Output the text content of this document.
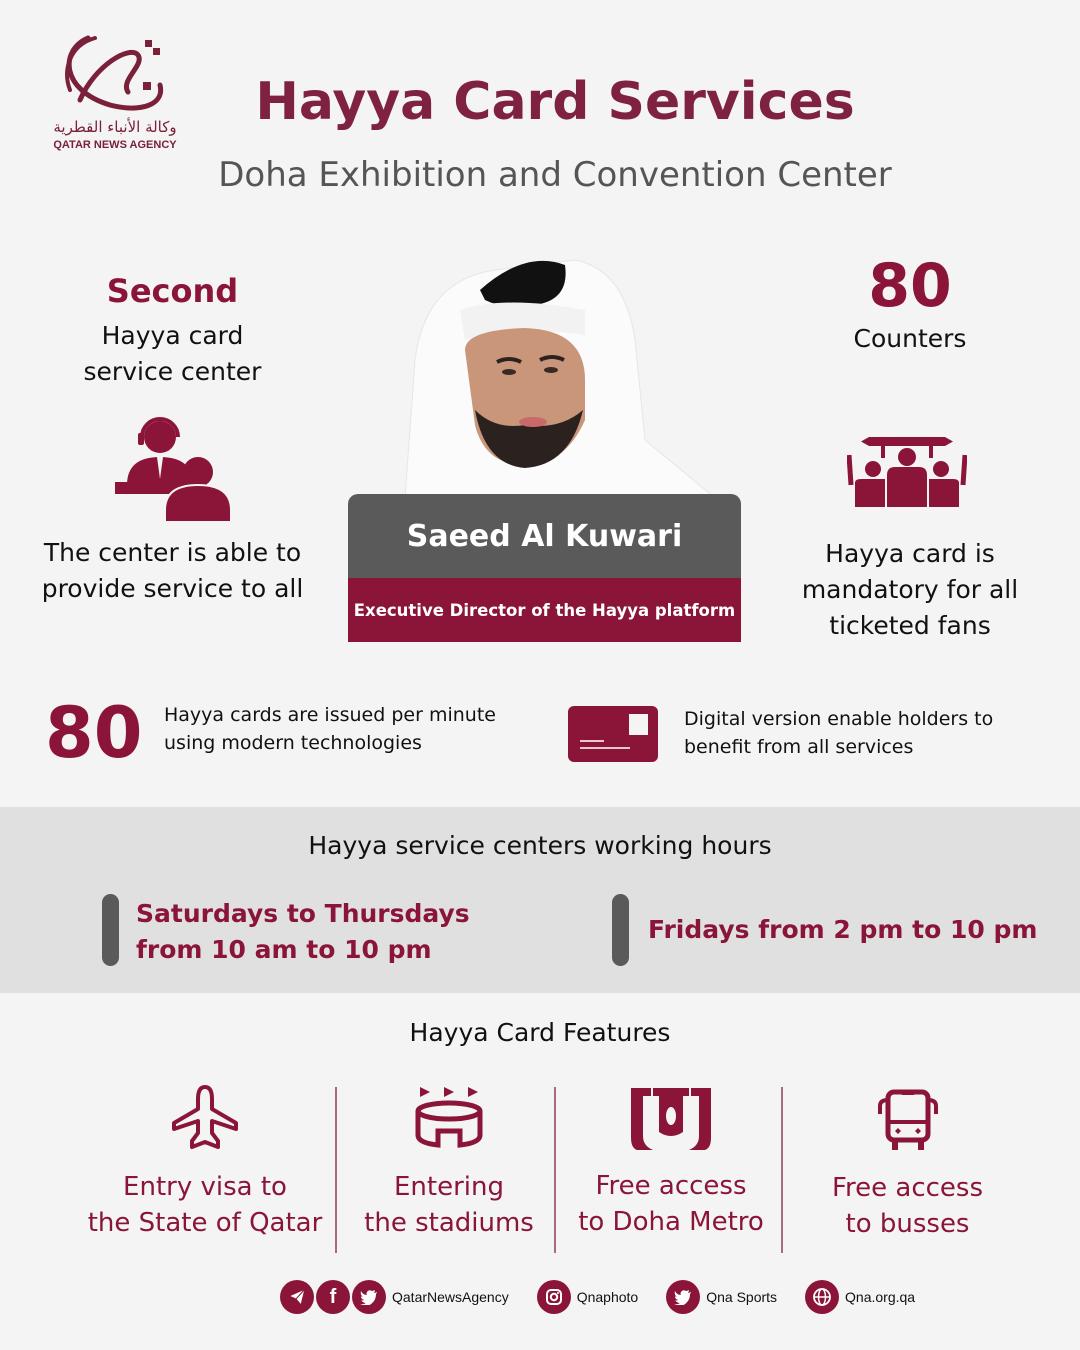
وكالة الأنباء القطرية
QATAR NEWS AGENCY
Hayya Card Services
Doha Exhibition and Convention Center
Second
Hayya card
service center
The center is able to
provide service to all
Saeed Al Kuwari
Executive Director of the Hayya platform
80
Counters
Hayya card is
mandatory for all
ticketed fans
80 Hayya cards are issued per minute
using modern technologies
Digital version enable holders to
benefit from all services
Hayya service centers working hours
Saturdays to Thursdays
from 10 am to 10 pm
Fridays from 2 pm to 10 pm
Hayya Card Features
Entry visa to
the State of Qatar
Entering
the stadiums
Free access
to Doha Metro
Free access
to busses
f	QatarNewsAgency	Qnaphoto	Qna Sports	Qna.org.qa
